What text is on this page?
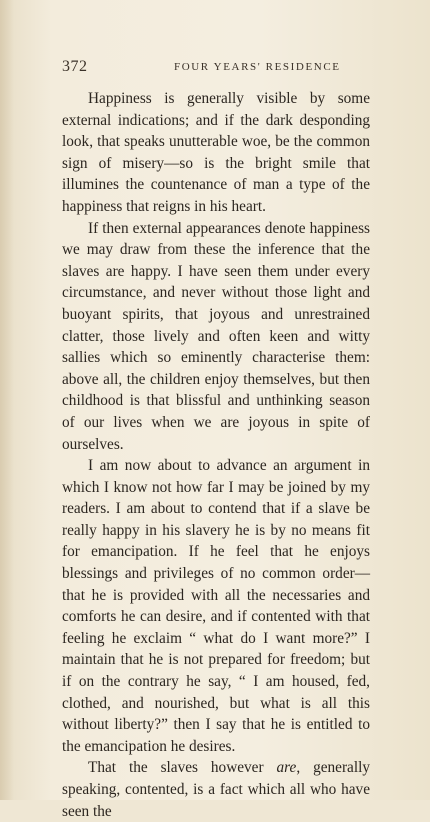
372	FOUR YEARS' RESIDENCE

Happiness is generally visible by some external indications; and if the dark desponding look, that speaks unutterable woe, be the common sign of misery—so is the bright smile that illumines the countenance of man a type of the happiness that reigns in his heart.

If then external appearances denote happiness we may draw from these the inference that the slaves are happy. I have seen them under every circumstance, and never without those light and buoyant spirits, that joyous and unrestrained clatter, those lively and often keen and witty sallies which so eminently characterise them: above all, the children enjoy themselves, but then childhood is that blissful and unthinking season of our lives when we are joyous in spite of ourselves.

I am now about to advance an argument in which I know not how far I may be joined by my readers. I am about to contend that if a slave be really happy in his slavery he is by no means fit for emancipation. If he feel that he enjoys blessings and privileges of no common order—that he is provided with all the necessaries and comforts he can desire, and if contented with that feeling he exclaim “ what do I want more?” I maintain that he is not prepared for freedom; but if on the contrary he say, “ I am housed, fed, clothed, and nourished, but what is all this without liberty?” then I say that he is entitled to the emancipation he desires.

That the slaves however are, generally speaking, contented, is a fact which all who have seen the
